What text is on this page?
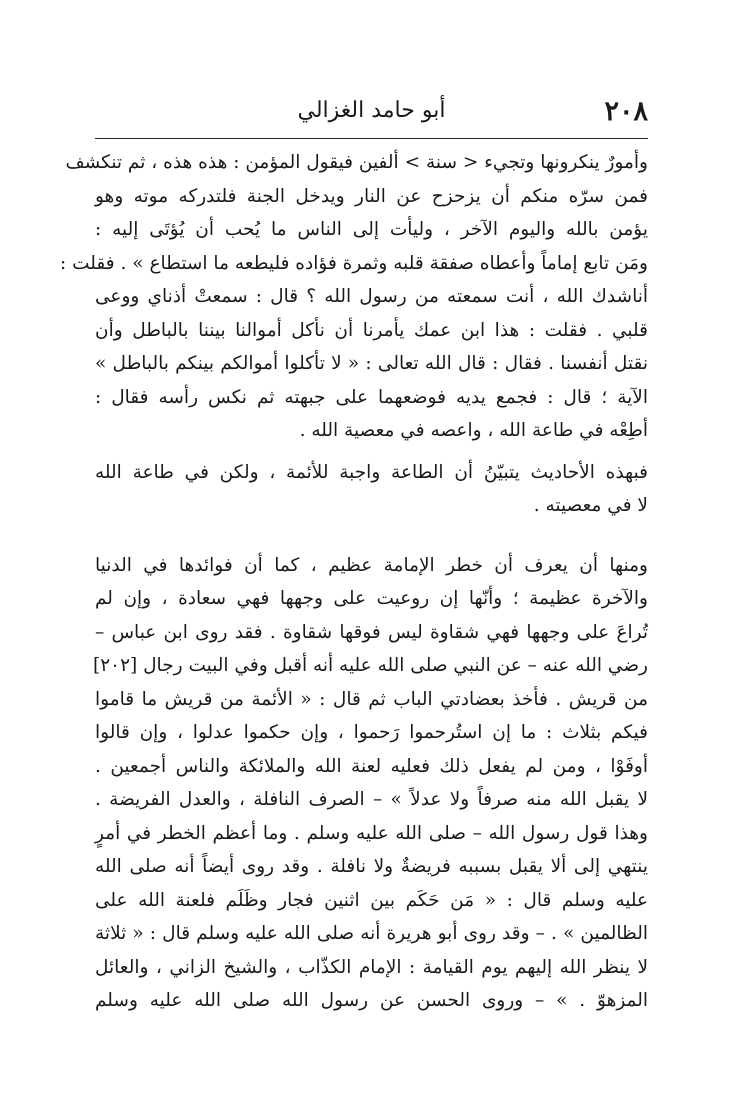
٢٠٨
أبو حامد الغزالي
وأمورٌ ينكرونها وتجيء < سنة > ألفين فيقول المؤمن : هذه هذه ، ثم تنكشف
فمن سرّه منكم أن يزحزح عن النار ويدخل الجنة فلتدركه موته وهو
يؤمن بالله واليوم الآخر ، وليأت إلى الناس ما يُحب أن يُؤتَى إليه :
ومَن تابع إماماً وأعطاه صفقة قلبه وثمرة فؤاده فليطعه ما استطاع » . فقلت :
أناشدك الله ، أنت سمعته من رسول الله ؟ قال : سمعتْ أذناي ووعى
قلبي . فقلت : هذا ابن عمك يأمرنا أن نأكل أموالنا بيننا بالباطل وأن
نقتل أنفسنا . فقال : قال الله تعالى : « لا تأكلوا أموالكم بينكم بالباطل »
الآية ؛ قال : فجمع يديه فوضعهما على جبهته ثم نكس رأسه فقال :
أطِعْه في طاعة الله ، واعصه في معصية الله .
فبهذه الأحاديث يتبيّنُ أن الطاعة واجبة للأئمة ، ولكن في طاعة الله
لا في معصيته .
ومنها أن يعرف أن خطر الإمامة عظيم ، كما أن فوائدها في الدنيا
والآخرة عظيمة ؛ وأنّها إن روعيت على وجهها فهي سعادة ، وإن لم
تُراعَ على وجهها فهي شقاوة ليس فوقها شقاوة . فقد روى ابن عباس –
رضي الله عنه – عن النبي صلى الله عليه أنه أقبل وفي البيت رجال [٢٠٢]
من قريش . فأخذ بعضادتي الباب ثم قال : « الأئمة من قريش ما قاموا
فيكم بثلاث : ما إن استُرحموا رَحموا ، وإن حكموا عدلوا ، وإن قالوا
أوفَوْا ، ومن لم يفعل ذلك فعليه لعنة الله والملائكة والناس أجمعين .
لا يقبل الله منه صرفاً ولا عدلاً » – الصرف النافلة ، والعدل الفريضة .
وهذا قول رسول الله – صلى الله عليه وسلم . وما أعظم الخطر في أمرٍ
ينتهي إلى ألا يقبل بسببه فريضةٌ ولا نافلة . وقد روى أيضاً أنه صلى الله
عليه وسلم قال : « مَن حَكَم بين اثنين فجار وظَلَم فلعنة الله على
الظالمين » . – وقد روى أبو هريرة أنه صلى الله عليه وسلم قال : « ثلاثة
لا ينظر الله إليهم يوم القيامة : الإمام الكذّاب ، والشيخ الزاني ، والعائل
المزهوّ . » – وروى الحسن عن رسول الله صلى الله عليه وسلم
